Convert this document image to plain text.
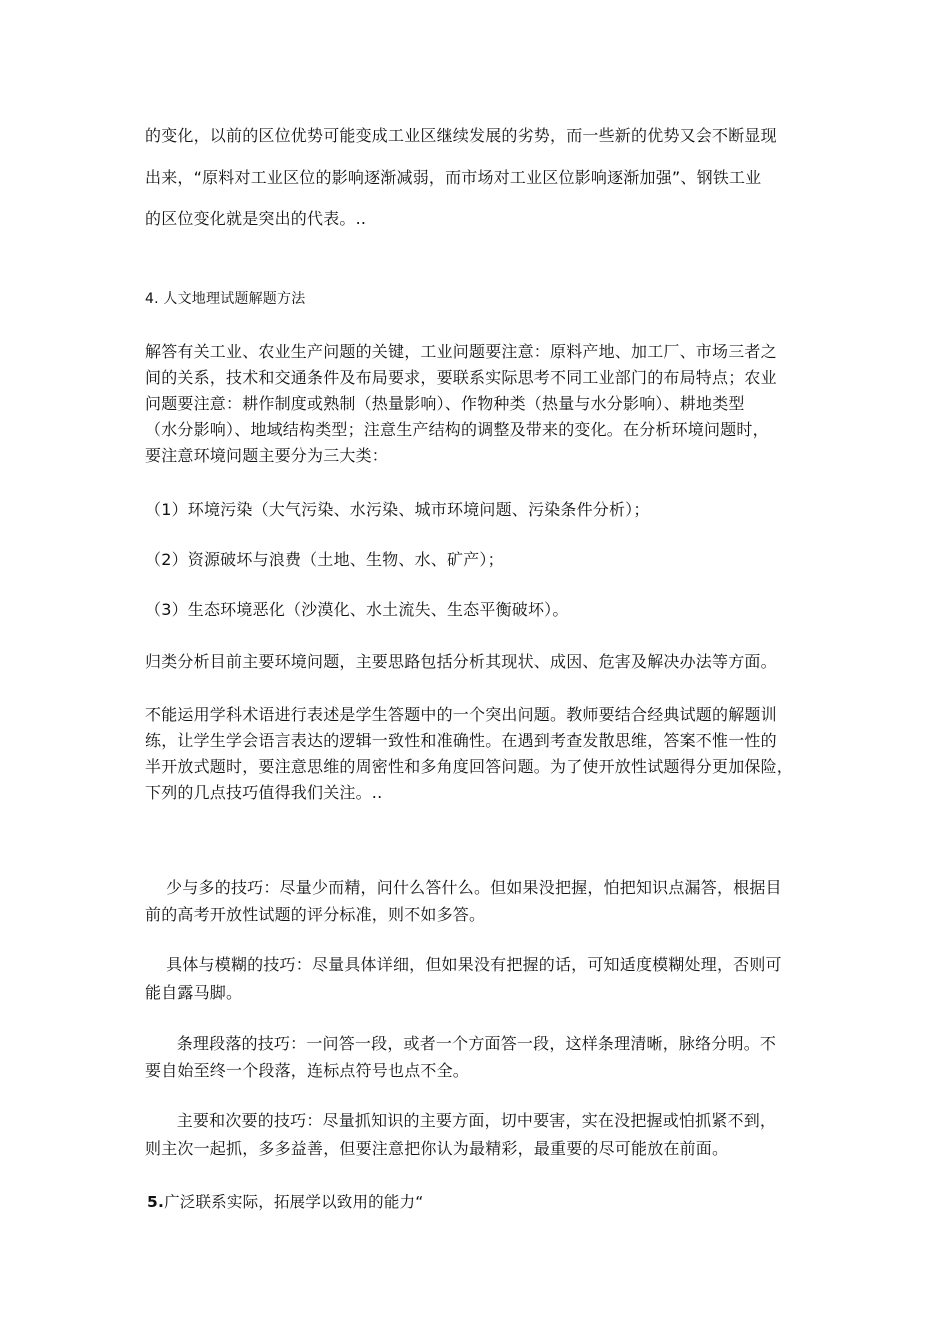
的变化，以前的区位优势可能变成工业区继续发展的劣势，而一些新的优势又会不断显现
出来，“原料对工业区位的影响逐渐减弱，而市场对工业区位影响逐渐加强”、钢铁工业
的区位变化就是突出的代表。..
4. 人文地理试题解题方法
解答有关工业、农业生产问题的关键，工业问题要注意：原料产地、加工厂、市场三者之
间的关系，技术和交通条件及布局要求，要联系实际思考不同工业部门的布局特点；农业
问题要注意：耕作制度或熟制（热量影响）、作物种类（热量与水分影响）、耕地类型
（水分影响）、地域结构类型；注意生产结构的调整及带来的变化。在分析环境问题时，
要注意环境问题主要分为三大类：
（1）环境污染（大气污染、水污染、城市环境问题、污染条件分析）；
（2）资源破坏与浪费（土地、生物、水、矿产）；
（3）生态环境恶化（沙漠化、水土流失、生态平衡破坏）。
归类分析目前主要环境问题，主要思路包括分析其现状、成因、危害及解决办法等方面。
不能运用学科术语进行表述是学生答题中的一个突出问题。教师要结合经典试题的解题训
练，让学生学会语言表达的逻辑一致性和准确性。在遇到考查发散思维，答案不惟一性的
半开放式题时，要注意思维的周密性和多角度回答问题。为了使开放性试题得分更加保险，
下列的几点技巧值得我们关注。..
少与多的技巧：尽量少而精，问什么答什么。但如果没把握，怕把知识点漏答，根据目
前的高考开放性试题的评分标准，则不如多答。
具体与模糊的技巧：尽量具体详细，但如果没有把握的话，可知适度模糊处理，否则可
能自露马脚。
条理段落的技巧：一问答一段，或者一个方面答一段，这样条理清晰，脉络分明。不
要自始至终一个段落，连标点符号也点不全。
主要和次要的技巧：尽量抓知识的主要方面，切中要害，实在没把握或怕抓紧不到，
则主次一起抓，多多益善，但要注意把你认为最精彩，最重要的尽可能放在前面。
5.广泛联系实际，拓展学以致用的能力“
